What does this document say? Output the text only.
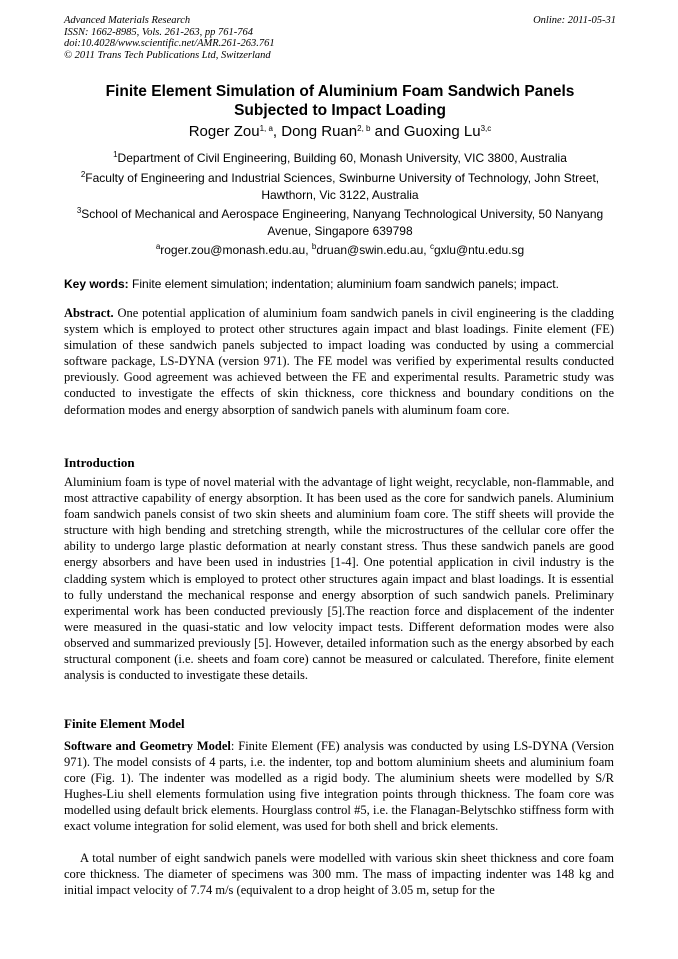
Advanced Materials Research
ISSN: 1662-8985, Vols. 261-263, pp 761-764
doi:10.4028/www.scientific.net/AMR.261-263.761
© 2011 Trans Tech Publications Ltd, Switzerland
Online: 2011-05-31
Finite Element Simulation of Aluminium Foam Sandwich Panels
Subjected to Impact Loading
Roger Zou$^{1, a}$, Dong Ruan$^{2, b}$ and Guoxing Lu$^{3,c}$
$^1$Department of Civil Engineering, Building 60, Monash University, VIC 3800, Australia
$^2$Faculty of Engineering and Industrial Sciences, Swinburne University of Technology, John Street,
Hawthorn, Vic 3122, Australia
$^3$School of Mechanical and Aerospace Engineering, Nanyang Technological University, 50 Nanyang
Avenue, Singapore 639798
$^a$roger.zou@monash.edu.au, $^b$druan@swin.edu.au, $^c$gxlu@ntu.edu.sg
Key words: Finite element simulation; indentation; aluminium foam sandwich panels; impact.
Abstract. One potential application of aluminium foam sandwich panels in civil engineering is the cladding system which is employed to protect other structures again impact and blast loadings. Finite element (FE) simulation of these sandwich panels subjected to impact loading was conducted by using a commercial software package, LS-DYNA (version 971). The FE model was verified by experimental results conducted previously. Good agreement was achieved between the FE and experimental results. Parametric study was conducted to investigate the effects of skin thickness, core thickness and boundary conditions on the deformation modes and energy absorption of sandwich panels with aluminum foam core.
Introduction
Aluminium foam is type of novel material with the advantage of light weight, recyclable, non-flammable, and most attractive capability of energy absorption. It has been used as the core for sandwich panels. Aluminium foam sandwich panels consist of two skin sheets and aluminium foam core. The stiff sheets will provide the structure with high bending and stretching strength, while the microstructures of the cellular core offer the ability to undergo large plastic deformation at nearly constant stress. Thus these sandwich panels are good energy absorbers and have been used in industries [1-4]. One potential application in civil industry is the cladding system which is employed to protect other structures again impact and blast loadings. It is essential to fully understand the mechanical response and energy absorption of such sandwich panels. Preliminary experimental work has been conducted previously [5].The reaction force and displacement of the indenter were measured in the quasi-static and low velocity impact tests. Different deformation modes were also observed and summarized previously [5]. However, detailed information such as the energy absorbed by each structural component (i.e. sheets and foam core) cannot be measured or calculated. Therefore, finite element analysis is conducted to investigate these details.
Finite Element Model
Software and Geometry Model: Finite Element (FE) analysis was conducted by using LS-DYNA (Version 971). The model consists of 4 parts, i.e. the indenter, top and bottom aluminium sheets and aluminium foam core (Fig. 1). The indenter was modelled as a rigid body. The aluminium sheets were modelled by S/R Hughes-Liu shell elements formulation using five integration points through thickness. The foam core was modelled using default brick elements. Hourglass control #5, i.e. the Flanagan-Belytschko stiffness form with exact volume integration for solid element, was used for both shell and brick elements.
A total number of eight sandwich panels were modelled with various skin sheet thickness and core foam core thickness. The diameter of specimens was 300 mm. The mass of impacting indenter was 148 kg and initial impact velocity of 7.74 m/s (equivalent to a drop height of 3.05 m, setup for the
